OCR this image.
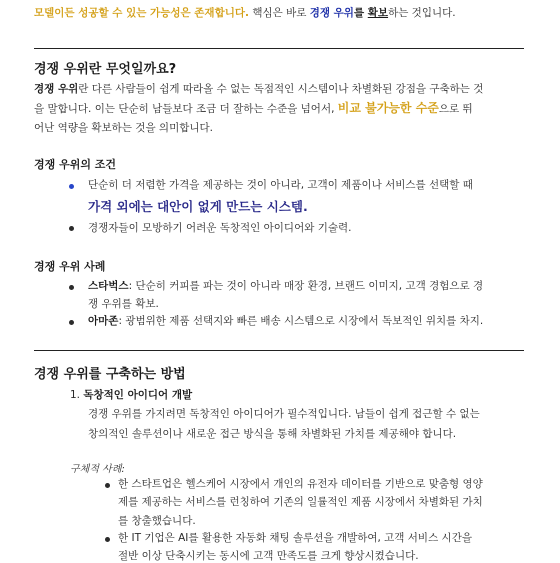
모델이든 성공할 수 있는 가능성은 존재합니다. 핵심은 바로 경쟁 우위를 확보하는 것입니다.
경쟁 우위란 무엇일까요?
경쟁 우위란 다른 사람들이 쉽게 따라올 수 없는 독점적인 시스템이나 차별화된 강점을 구축하는 것
을 말합니다. 이는 단순히 남들보다 조금 더 잘하는 수준을 넘어서, 비교 불가능한 수준으로 뛰
어난 역량을 확보하는 것을 의미합니다.
경쟁 우위의 조건
단순히 더 저렴한 가격을 제공하는 것이 아니라, 고객이 제품이나 서비스를 선택할 때
가격 외에는 대안이 없게 만드는 시스템.
경쟁자들이 모방하기 어려운 독창적인 아이디어와 기술력.
경쟁 우위 사례
스타벅스: 단순히 커피를 파는 것이 아니라 매장 환경, 브랜드 이미지, 고객 경험으로 경
쟁 우위를 확보.
아마존: 광범위한 제품 선택지와 빠른 배송 시스템으로 시장에서 독보적인 위치를 차지.
경쟁 우위를 구축하는 방법
1. 독창적인 아이디어 개발
경쟁 우위를 가지려면 독창적인 아이디어가 필수적입니다. 남들이 쉽게 접근할 수 없는
창의적인 솔루션이나 새로운 접근 방식을 통해 차별화된 가치를 제공해야 합니다.
구체적 사례:
한 스타트업은 헬스케어 시장에서 개인의 유전자 데이터를 기반으로 맞춤형 영양
제를 제공하는 서비스를 런칭하여 기존의 일률적인 제품 시장에서 차별화된 가치
를 창출했습니다.
한 IT 기업은 AI를 활용한 자동화 채팅 솔루션을 개발하여, 고객 서비스 시간을
절반 이상 단축시키는 동시에 고객 만족도를 크게 향상시켰습니다.
